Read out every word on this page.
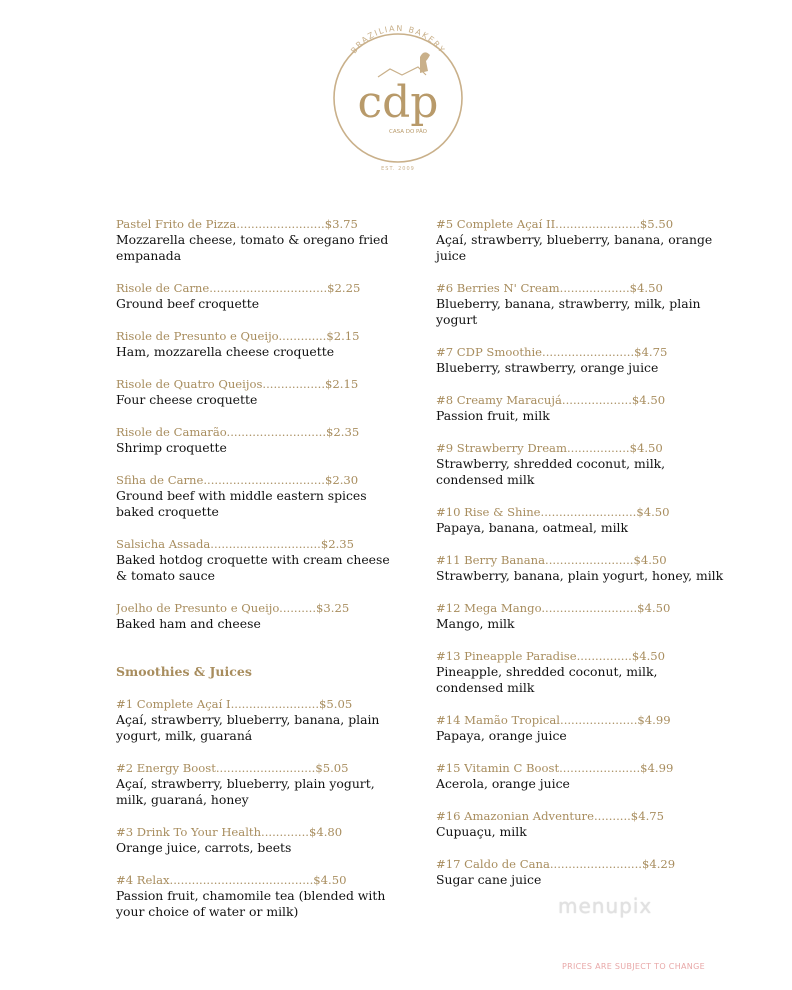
BRAZILIAN BAKERY
cdp
CASA DO PÃO
EST. 2009
Pastel Frito de Pizza........................$3.75
Mozzarella cheese, tomato & oregano fried empanada
Risole de Carne................................$2.25
Ground beef croquette
Risole de Presunto e Queijo.............$2.15
Ham, mozzarella cheese croquette
Risole de Quatro Queijos.................$2.15
Four cheese croquette
Risole de Camarão...........................$2.35
Shrimp croquette
Sfiha de Carne.................................$2.30
Ground beef with middle eastern spices baked croquette
Salsicha Assada..............................$2.35
Baked hotdog croquette with cream cheese & tomato sauce
Joelho de Presunto e Queijo..........$3.25
Baked ham and cheese
Smoothies & Juices
#1 Complete Açaí I........................$5.05
Açaí, strawberry, blueberry, banana, plain yogurt, milk, guaraná
#2 Energy Boost...........................$5.05
Açaí, strawberry, blueberry, plain yogurt, milk, guaraná, honey
#3 Drink To Your Health.............$4.80
Orange juice, carrots, beets
#4 Relax.......................................$4.50
Passion fruit, chamomile tea (blended with your choice of water or milk)
#5 Complete Açaí II.......................$5.50
Açaí, strawberry, blueberry, banana, orange juice
#6 Berries N' Cream...................$4.50
Blueberry, banana, strawberry, milk, plain yogurt
#7 CDP Smoothie.........................$4.75
Blueberry, strawberry, orange juice
#8 Creamy Maracujá...................$4.50
Passion fruit, milk
#9 Strawberry Dream.................$4.50
Strawberry, shredded coconut, milk, condensed milk
#10 Rise & Shine..........................$4.50
Papaya, banana, oatmeal, milk
#11 Berry Banana........................$4.50
Strawberry, banana, plain yogurt, honey, milk
#12 Mega Mango..........................$4.50
Mango, milk
#13 Pineapple Paradise...............$4.50
Pineapple, shredded coconut, milk, condensed milk
#14 Mamão Tropical.....................$4.99
Papaya, orange juice
#15 Vitamin C Boost......................$4.99
Acerola, orange juice
#16 Amazonian Adventure..........$4.75
Cupuaçu, milk
#17 Caldo de Cana.........................$4.29
Sugar cane juice
menupix
PRICES ARE SUBJECT TO CHANGE
